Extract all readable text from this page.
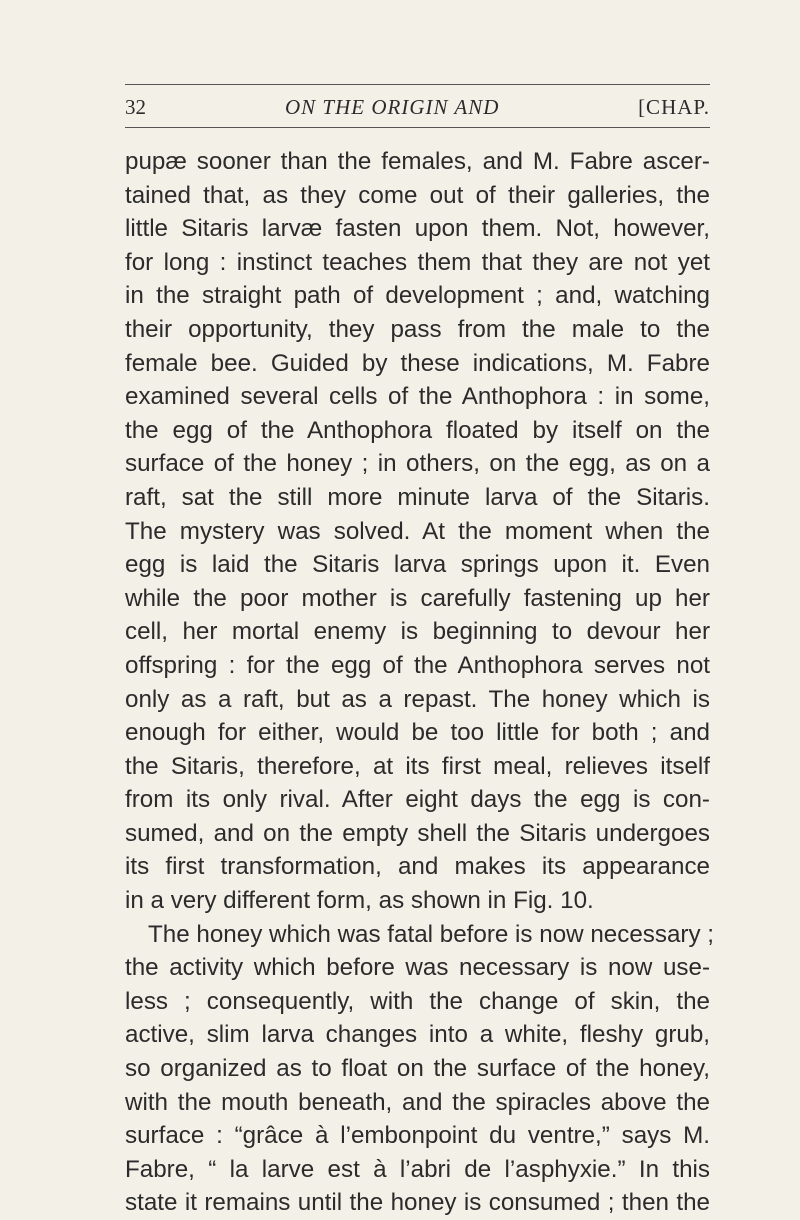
32	ON THE ORIGIN AND	[CHAP.
pupæ sooner than the females, and M. Fabre ascer-
tained that, as they come out of their galleries, the
little Sitaris larvæ fasten upon them. Not, however,
for long : instinct teaches them that they are not yet
in the straight path of development ; and, watching
their opportunity, they pass from the male to the
female bee. Guided by these indications, M. Fabre
examined several cells of the Anthophora : in some,
the egg of the Anthophora floated by itself on the
surface of the honey ; in others, on the egg, as on a
raft, sat the still more minute larva of the Sitaris.
The mystery was solved. At the moment when the
egg is laid the Sitaris larva springs upon it. Even
while the poor mother is carefully fastening up her
cell, her mortal enemy is beginning to devour her
offspring : for the egg of the Anthophora serves not
only as a raft, but as a repast. The honey which is
enough for either, would be too little for both ; and
the Sitaris, therefore, at its first meal, relieves itself
from its only rival. After eight days the egg is con-
sumed, and on the empty shell the Sitaris undergoes
its first transformation, and makes its appearance
in a very different form, as shown in Fig. 10.
The honey which was fatal before is now necessary ;
the activity which before was necessary is now use-
less ; consequently, with the change of skin, the
active, slim larva changes into a white, fleshy grub,
so organized as to float on the surface of the honey,
with the mouth beneath, and the spiracles above the
surface : “grâce à l’embonpoint du ventre,” says M.
Fabre, “ la larve est à l’abri de l’asphyxie.” In this
state it remains until the honey is consumed ; then the
